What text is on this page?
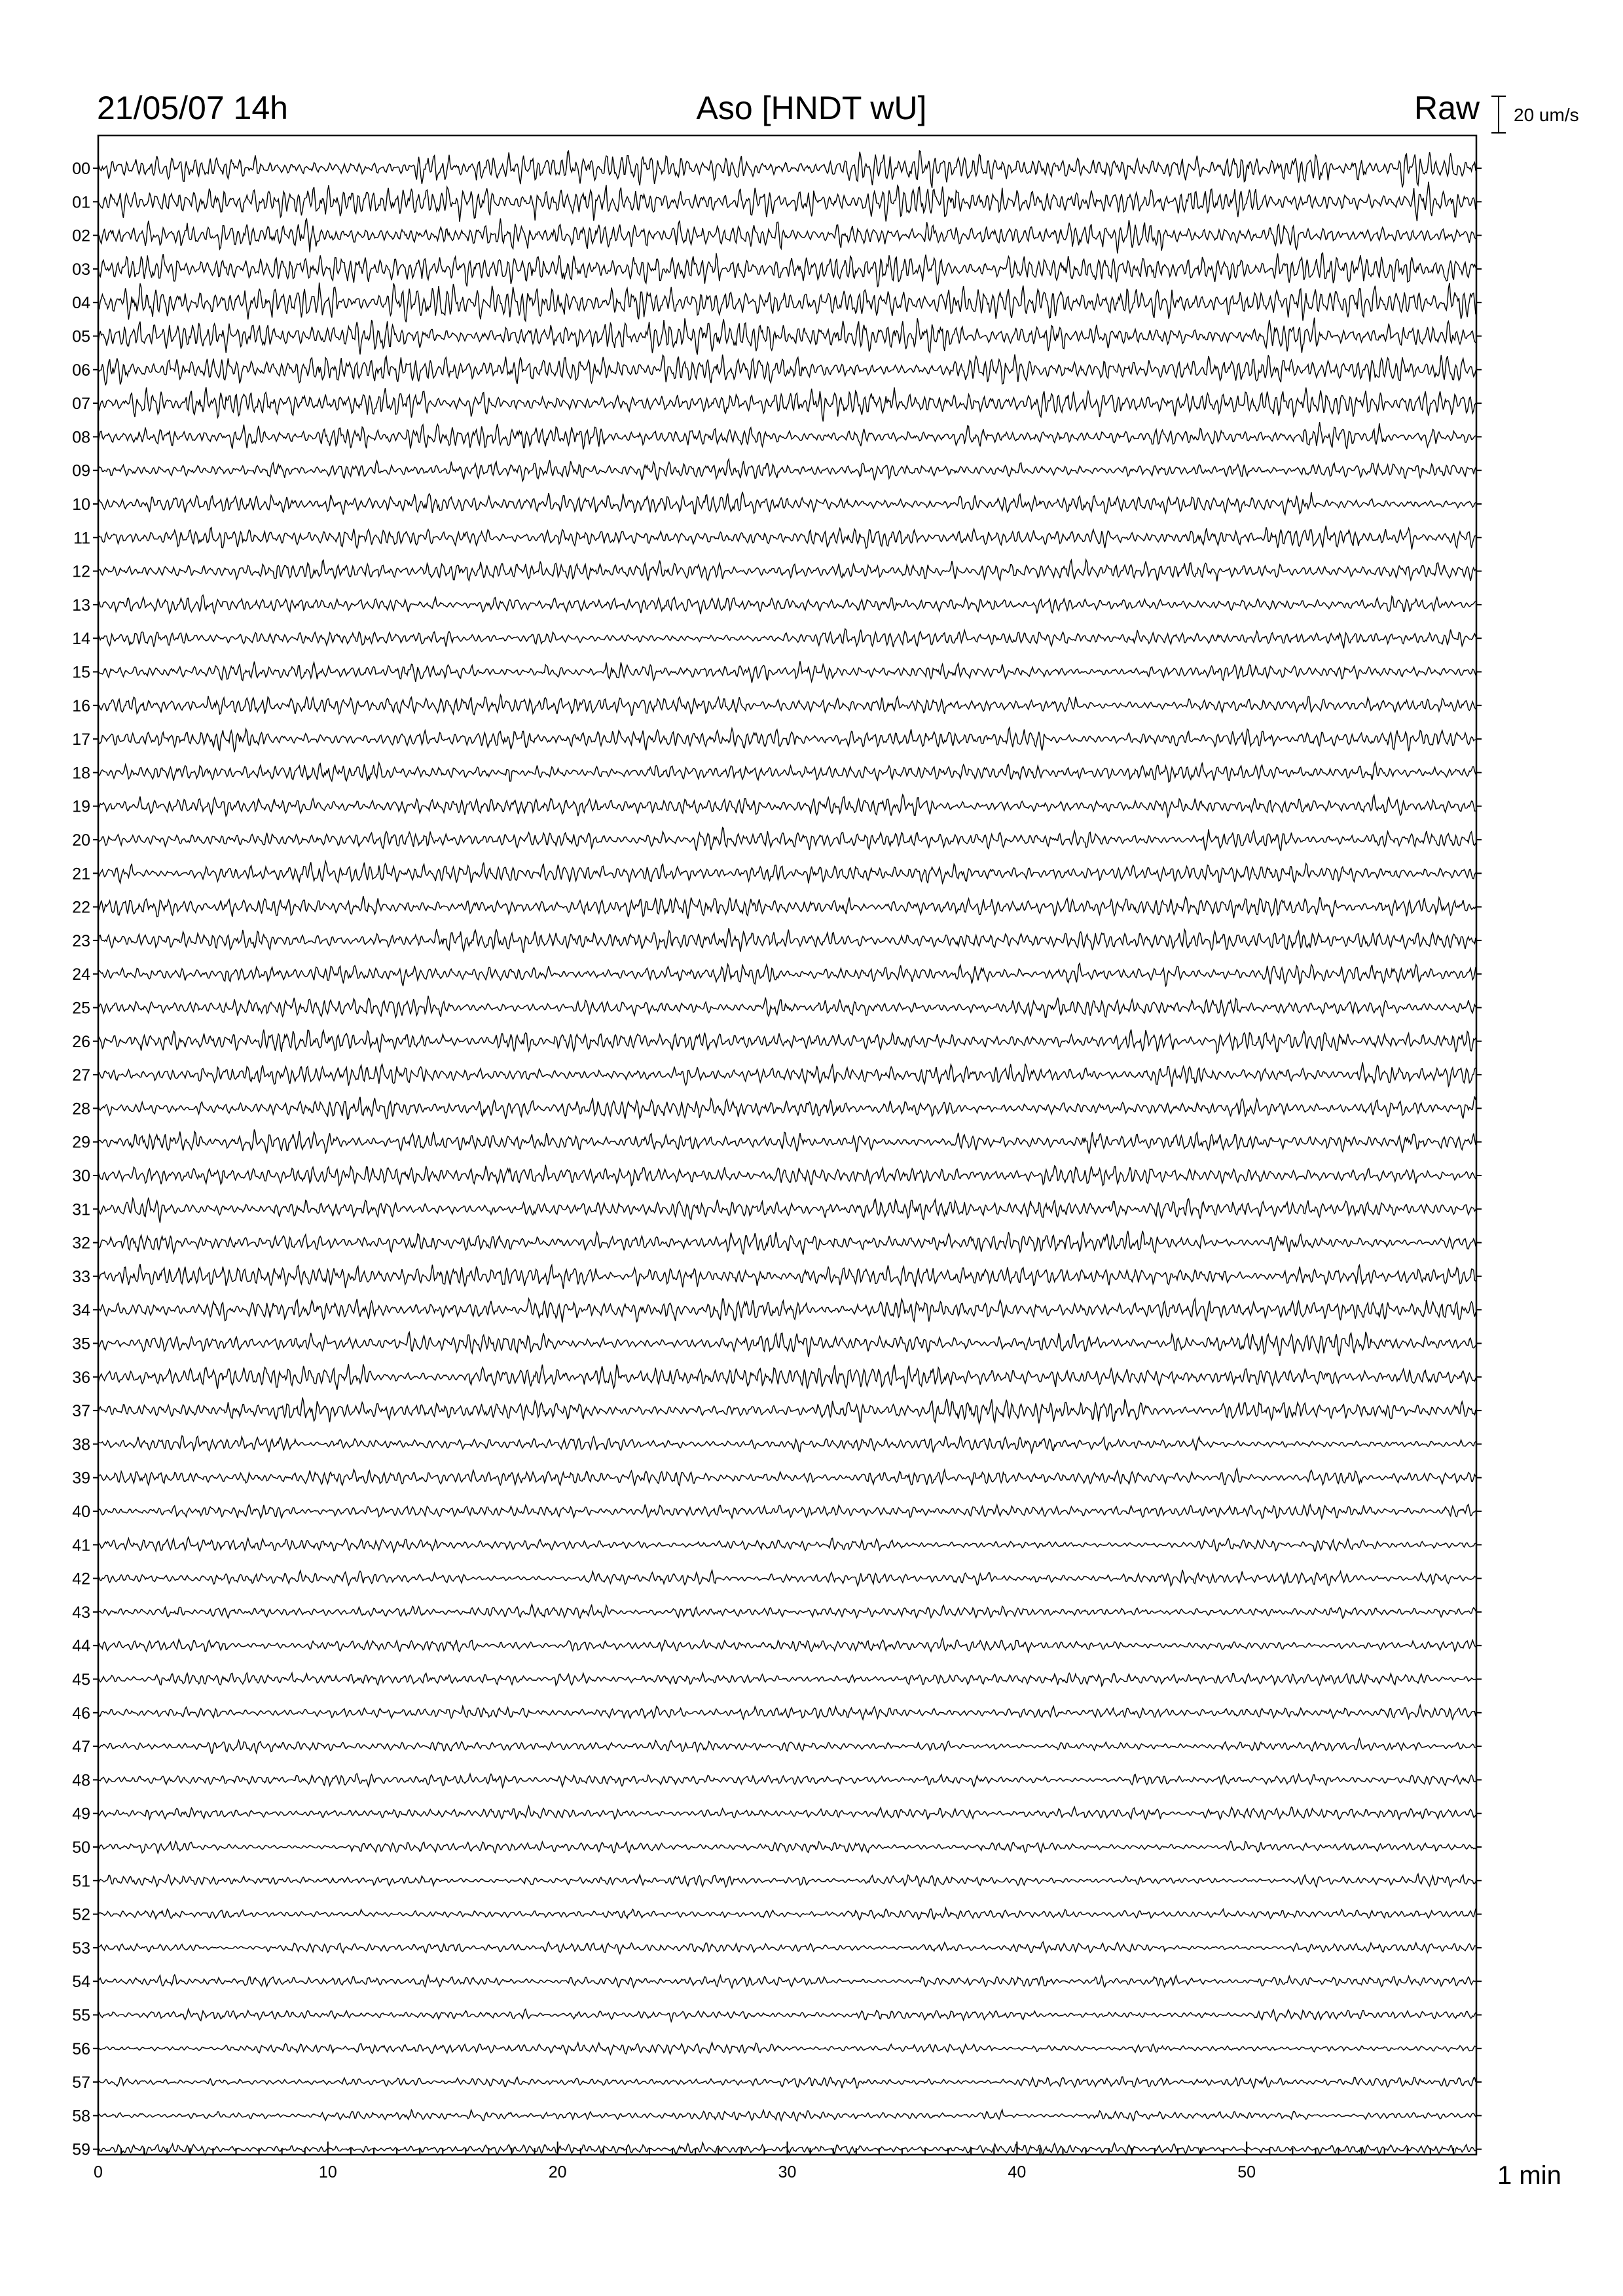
21/05/07 14h	Aso [HNDT wU]	Raw 20 um/s
1 min
00
01
02
03
04
05
06
07
08
09
10
11
12
13
14
15
16
17
18
19
20
21
22
23
24
25
26
27
28
29
30
31
32
33
34
35
36
37
38
39
40
41
42
43
44
45
46
47
48
49
50
51
52
53
54
55
56
57
58
59
0	10	20	30	40	50
